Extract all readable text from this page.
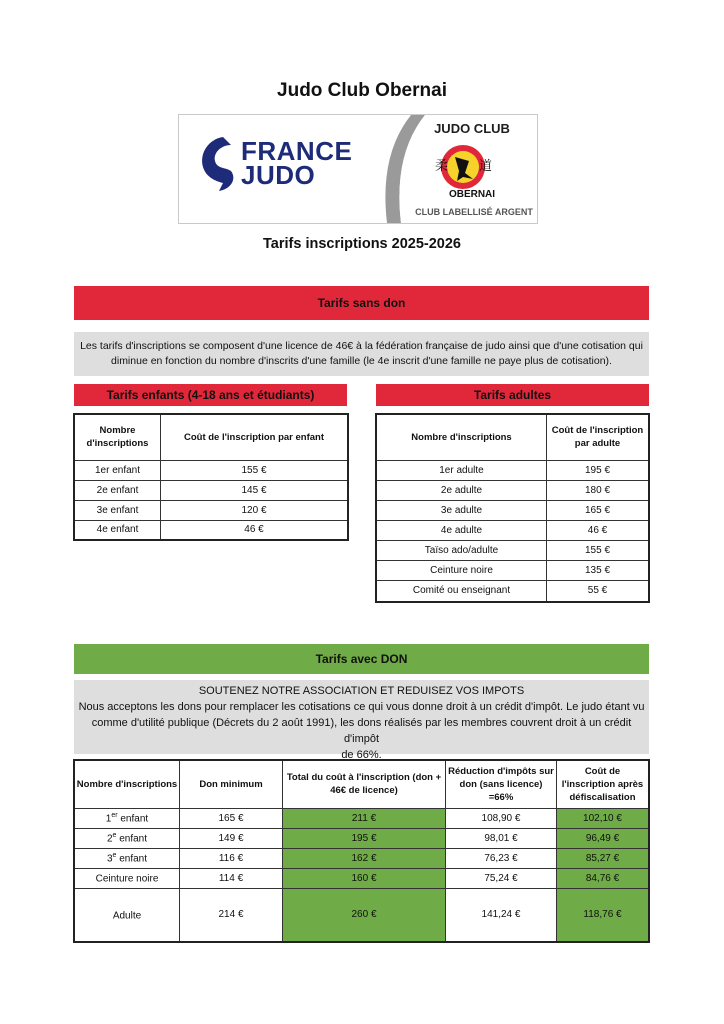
Judo Club Obernai
FRANCE
JUDO
JUDO CLUB
柔 道
OBERNAI
CLUB LABELLISÉ ARGENT
Tarifs inscriptions 2025-2026
Tarifs sans don
Les tarifs d'inscriptions se composent d'une licence de 46€ à la fédération française de judo ainsi que d'une cotisation qui
diminue en fonction du nombre d'inscrits d'une famille (le 4e inscrit d'une famille ne paye plus de cotisation).
Tarifs enfants (4-18 ans et étudiants)
Nombre d'inscriptions	Coût de l'inscription par enfant
1er enfant	155 €
2e enfant	145 €
3e enfant	120 €
4e enfant	46 €
Tarifs adultes
Nombre d'inscriptions	Coût de l'inscription par adulte
1er adulte	195 €
2e adulte	180 €
3e adulte	165 €
4e adulte	46 €
Taïso ado/adulte	155 €
Ceinture noire	135 €
Comité ou enseignant	55 €
Tarifs avec DON
SOUTENEZ NOTRE ASSOCIATION ET REDUISEZ VOS IMPOTS
Nous acceptons les dons pour remplacer les cotisations ce qui vous donne droit à un crédit d'impôt. Le judo étant vu
comme d'utilité publique (Décrets du 2 août 1991), les dons réalisés par les membres couvrent droit à un crédit d'impôt
de 66%.
Nombre d'inscriptions	Don minimum	Total du coût à l'inscription (don + 46€ de licence)	Réduction d'impôts sur don (sans licence) =66%	Coût de l'inscription après défiscalisation
1er enfant	165 €	211 €	108,90 €	102,10 €
2e enfant	149 €	195 €	98,01 €	96,49 €
3e enfant	116 €	162 €	76,23 €	85,27 €
Ceinture noire	114 €	160 €	75,24 €	84,76 €
Adulte	214 €	260 €	141,24 €	118,76 €
